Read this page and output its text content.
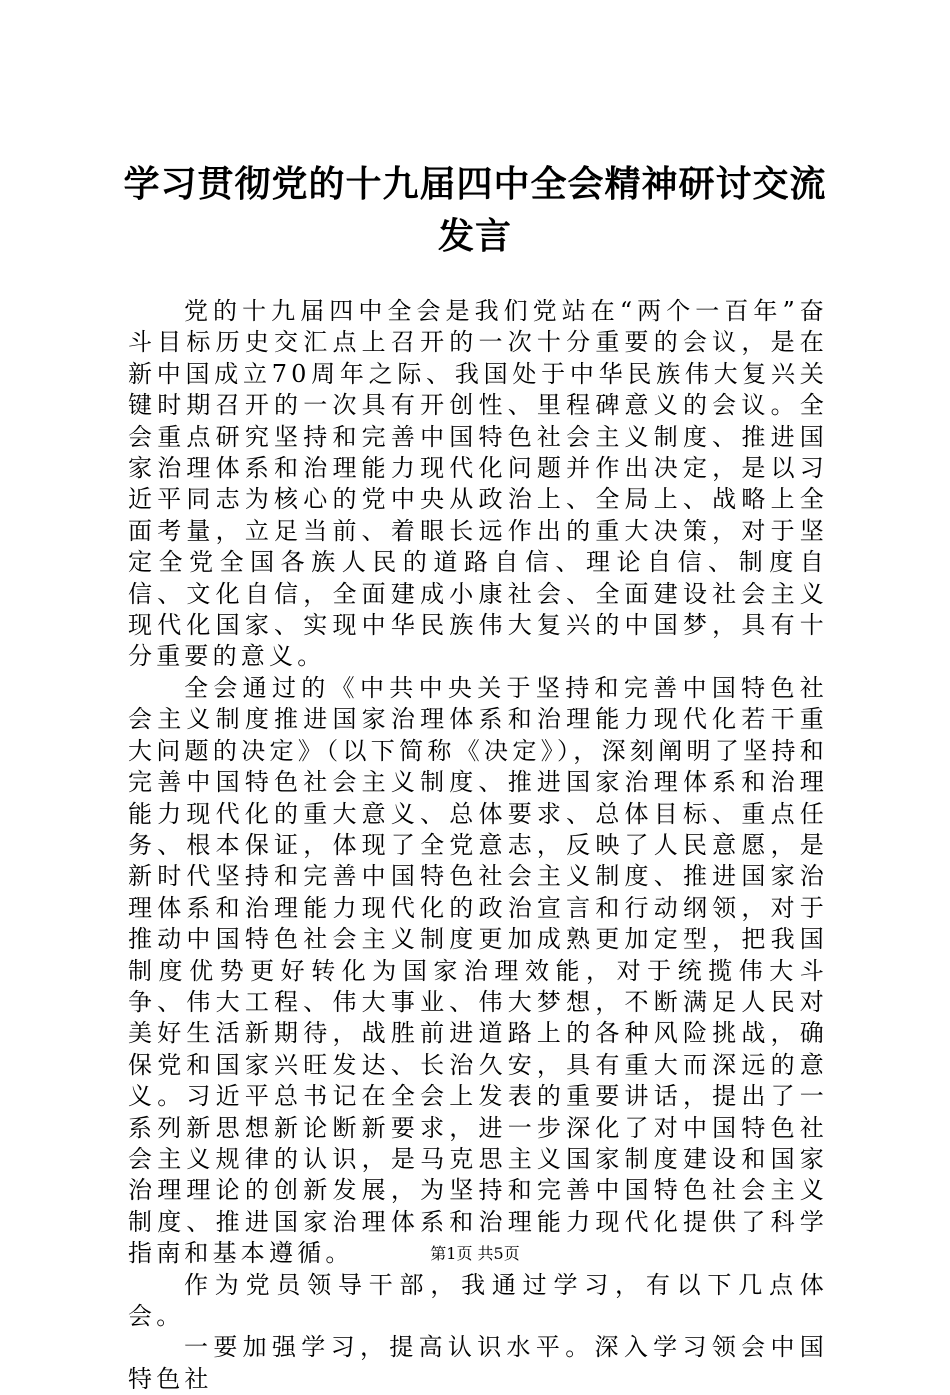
学习贯彻党的十九届四中全会精神研讨交流发言

党的十九届四中全会是我们党站在“两个一百年”奋斗目标历史交汇点上召开的一次十分重要的会议，是在新中国成立70周年之际、我国处于中华民族伟大复兴关键时期召开的一次具有开创性、里程碑意义的会议。全会重点研究坚持和完善中国特色社会主义制度、推进国家治理体系和治理能力现代化问题并作出决定，是以习近平同志为核心的党中央从政治上、全局上、战略上全面考量，立足当前、着眼长远作出的重大决策，对于坚定全党全国各族人民的道路自信、理论自信、制度自信、文化自信，全面建成小康社会、全面建设社会主义现代化国家、实现中华民族伟大复兴的中国梦，具有十分重要的意义。

全会通过的《中共中央关于坚持和完善中国特色社会主义制度推进国家治理体系和治理能力现代化若干重大问题的决定》（以下简称《决定》），深刻阐明了坚持和完善中国特色社会主义制度、推进国家治理体系和治理能力现代化的重大意义、总体要求、总体目标、重点任务、根本保证，体现了全党意志，反映了人民意愿，是新时代坚持和完善中国特色社会主义制度、推进国家治理体系和治理能力现代化的政治宣言和行动纲领，对于推动中国特色社会主义制度更加成熟更加定型，把我国制度优势更好转化为国家治理效能，对于统揽伟大斗争、伟大工程、伟大事业、伟大梦想，不断满足人民对美好生活新期待，战胜前进道路上的各种风险挑战，确保党和国家兴旺发达、长治久安，具有重大而深远的意义。习近平总书记在全会上发表的重要讲话，提出了一系列新思想新论断新要求，进一步深化了对中国特色社会主义规律的认识，是马克思主义国家制度建设和国家治理理论的创新发展，为坚持和完善中国特色社会主义制度、推进国家治理体系和治理能力现代化提供了科学指南和基本遵循。

作为党员领导干部，我通过学习，有以下几点体会。

一要加强学习，提高认识水平。深入学习领会中国特色社

第1页 共5页
